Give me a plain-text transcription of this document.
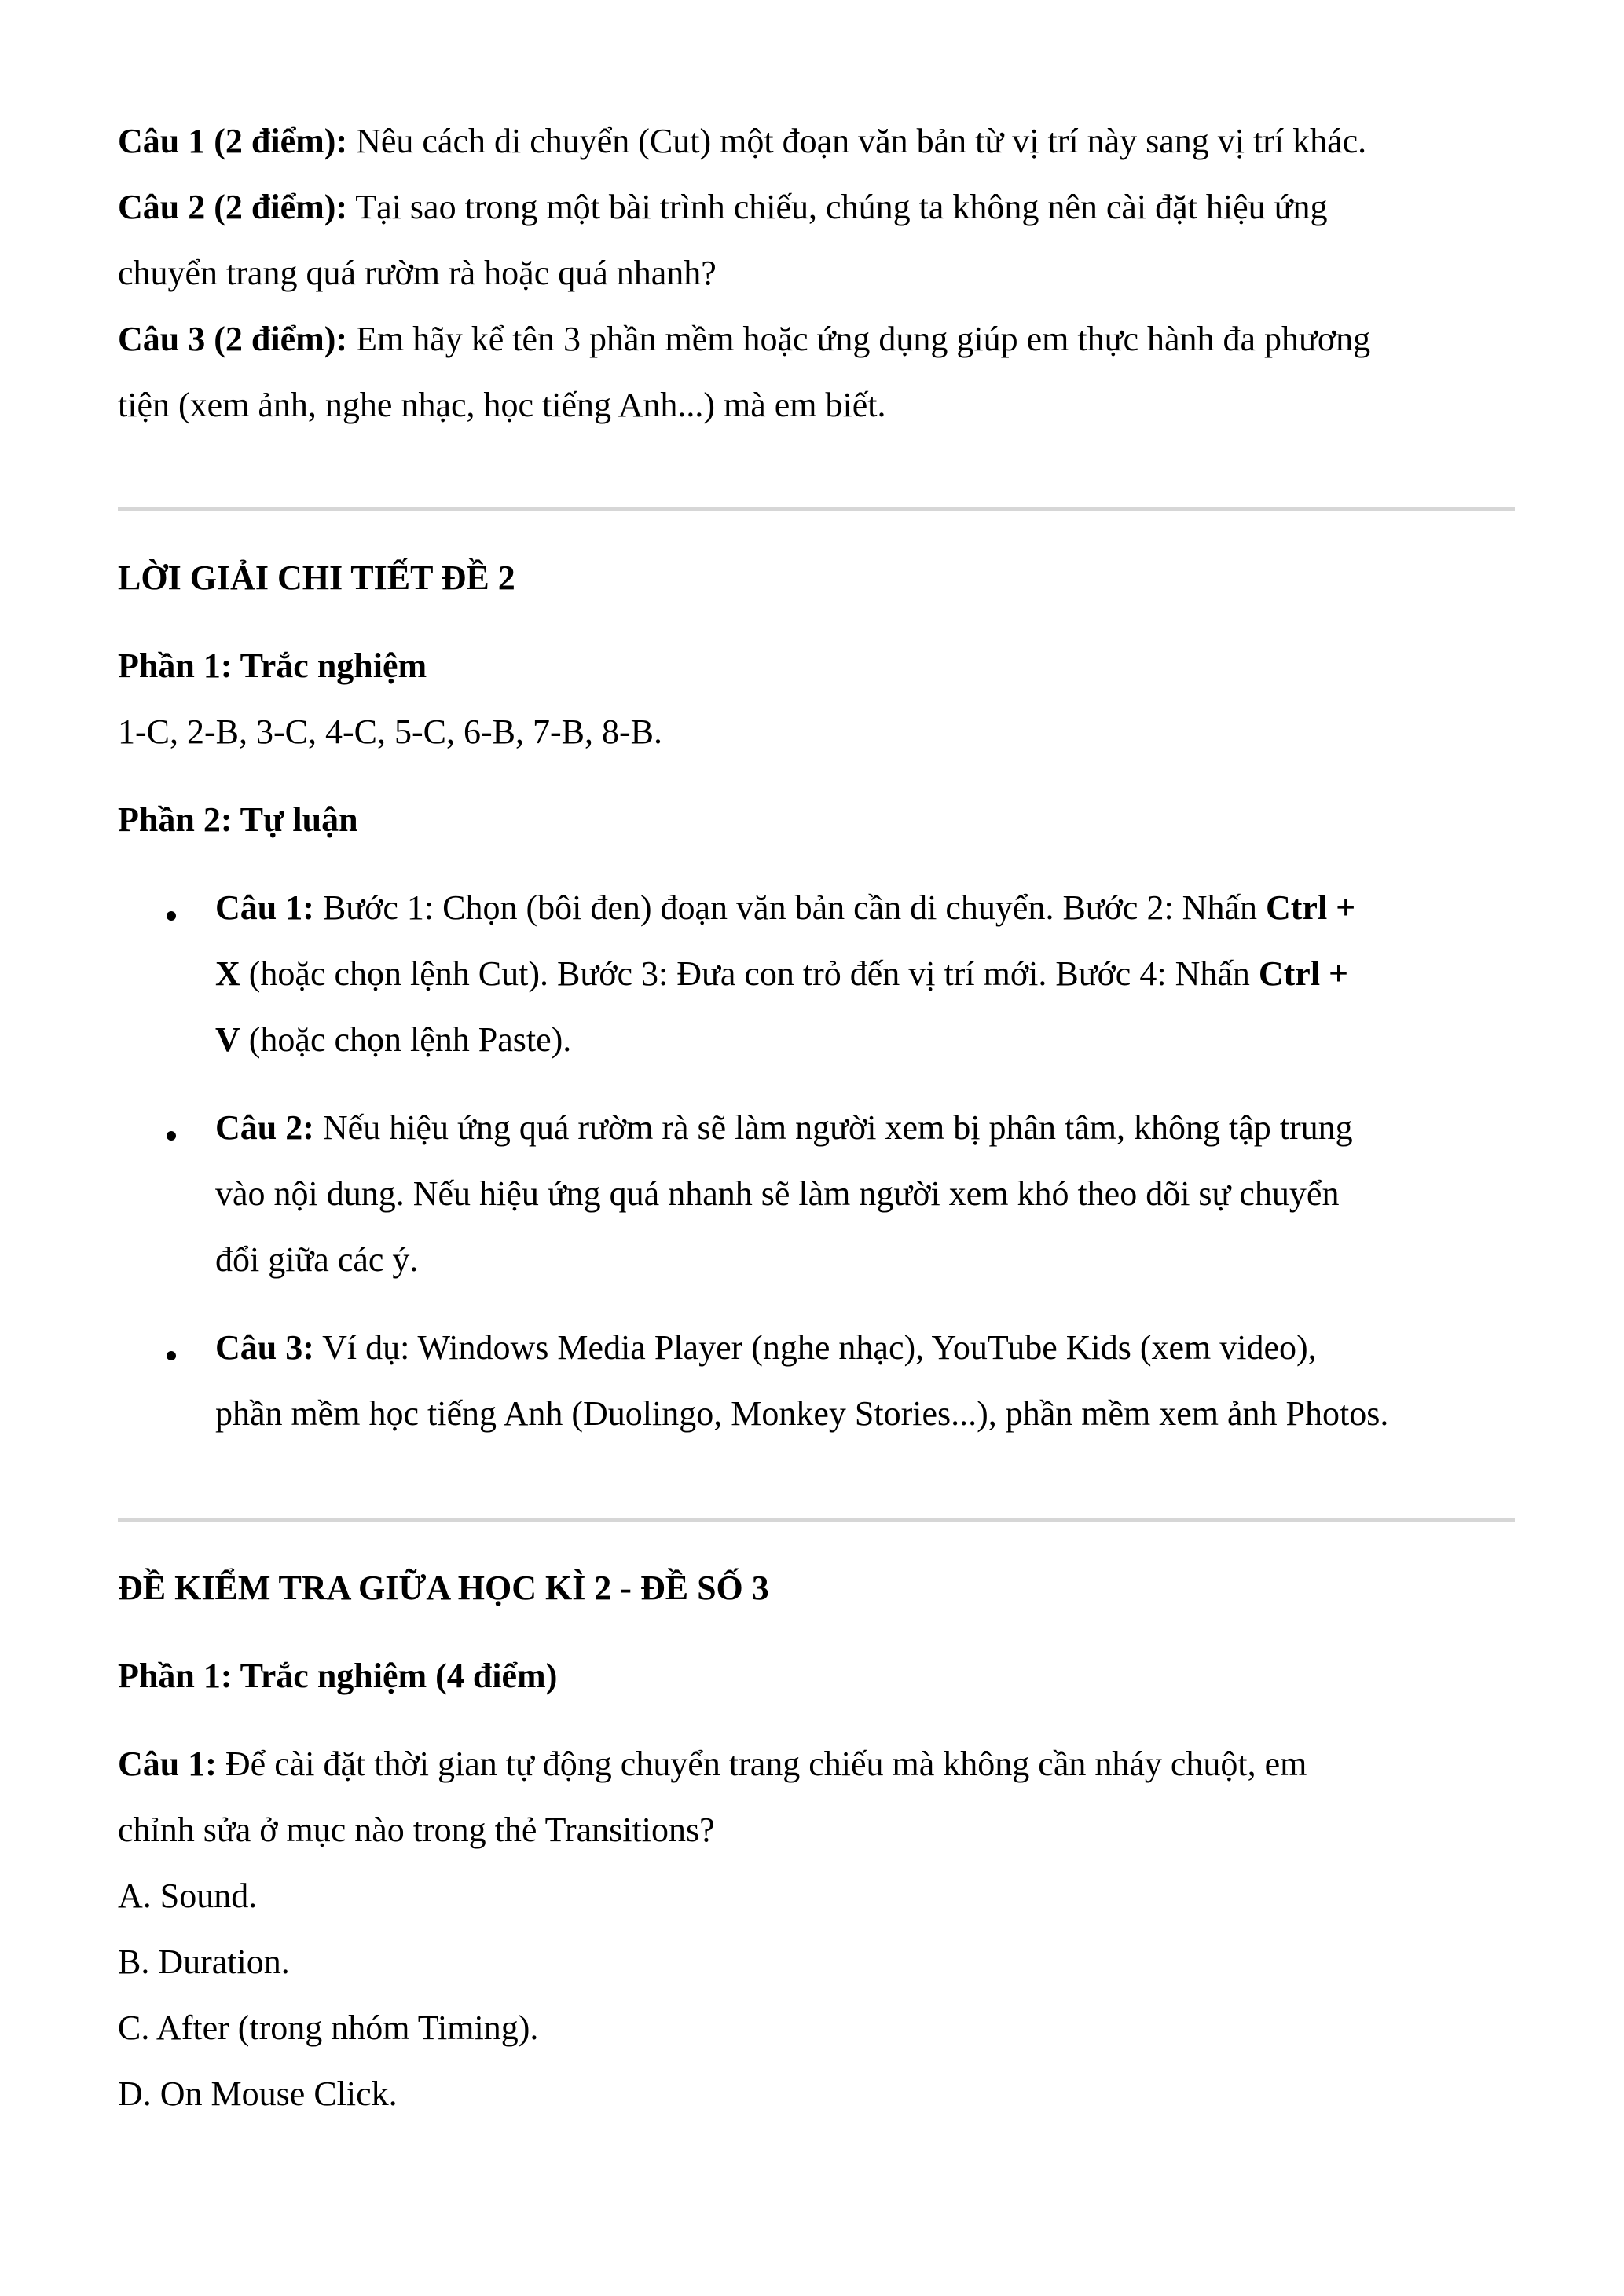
Câu 1 (2 điểm): Nêu cách di chuyển (Cut) một đoạn văn bản từ vị trí này sang vị trí khác.
Câu 2 (2 điểm): Tại sao trong một bài trình chiếu, chúng ta không nên cài đặt hiệu ứng
chuyển trang quá rườm rà hoặc quá nhanh?
Câu 3 (2 điểm): Em hãy kể tên 3 phần mềm hoặc ứng dụng giúp em thực hành đa phương
tiện (xem ảnh, nghe nhạc, học tiếng Anh...) mà em biết.
LỜI GIẢI CHI TIẾT ĐỀ 2
Phần 1: Trắc nghiệm
1-C, 2-B, 3-C, 4-C, 5-C, 6-B, 7-B, 8-B.
Phần 2: Tự luận
Câu 1: Bước 1: Chọn (bôi đen) đoạn văn bản cần di chuyển. Bước 2: Nhấn Ctrl +
X (hoặc chọn lệnh Cut). Bước 3: Đưa con trỏ đến vị trí mới. Bước 4: Nhấn Ctrl +
V (hoặc chọn lệnh Paste).
Câu 2: Nếu hiệu ứng quá rườm rà sẽ làm người xem bị phân tâm, không tập trung
vào nội dung. Nếu hiệu ứng quá nhanh sẽ làm người xem khó theo dõi sự chuyển
đổi giữa các ý.
Câu 3: Ví dụ: Windows Media Player (nghe nhạc), YouTube Kids (xem video),
phần mềm học tiếng Anh (Duolingo, Monkey Stories...), phần mềm xem ảnh Photos.
ĐỀ KIỂM TRA GIỮA HỌC KÌ 2 - ĐỀ SỐ 3
Phần 1: Trắc nghiệm (4 điểm)
Câu 1: Để cài đặt thời gian tự động chuyển trang chiếu mà không cần nháy chuột, em
chỉnh sửa ở mục nào trong thẻ Transitions?
A. Sound.
B. Duration.
C. After (trong nhóm Timing).
D. On Mouse Click.
